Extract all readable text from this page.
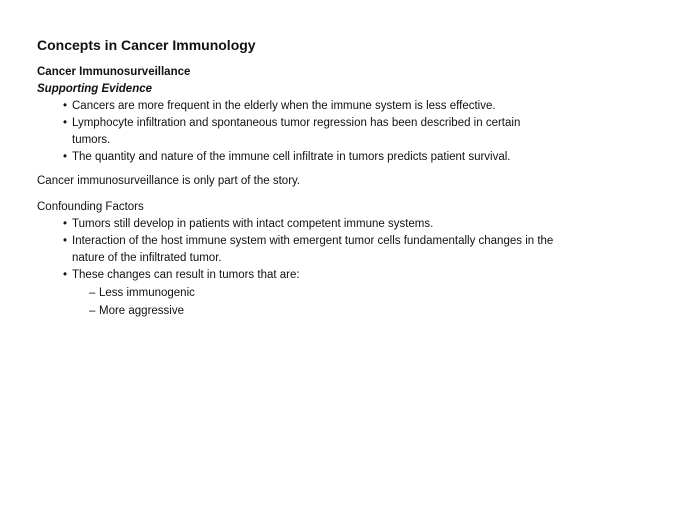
Concepts in Cancer Immunology
Cancer Immunosurveillance
Supporting Evidence
• Cancers are more frequent in the elderly when the immune system is less effective.
• Lymphocyte infiltration and spontaneous tumor regression has been described in certain tumors.
• The quantity and nature of the immune cell infiltrate in tumors predicts patient survival.
Cancer immunosurveillance is only part of the story.
Confounding Factors
• Tumors still develop in patients with intact competent immune systems.
• Interaction of the host immune system with emergent tumor cells fundamentally changes in the nature of the infiltrated tumor.
• These changes can result in tumors that are:
– Less immunogenic
– More aggressive
